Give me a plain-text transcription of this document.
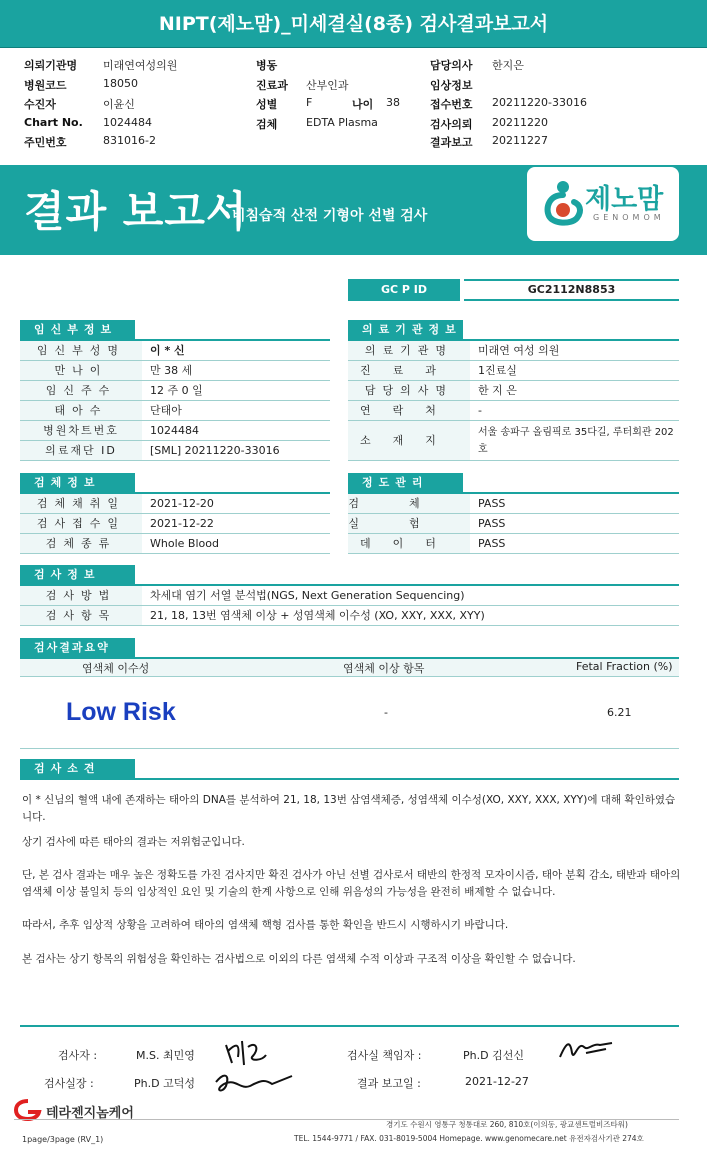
NIPT(제노맘)_미세결실(8종) 검사결과보고서
의뢰기관명 미래연여성의원
병원코드	18050
수진자	이윤신
Chart No. 1024484
주민번호	831016-2
병동
진료과 산부인과
성별	F	나이 38
검체	EDTA Plasma
담당의사 한지은
임상정보
접수번호 20211220-33016
검사의뢰 20211220
결과보고 20211227
결과 보고서
비침습적 산전 기형아 선별 검사
제노맘
GENOMOM
GC P ID	GC2112N8853
임신부정보
임신부성명	이 * 신
만나이	만 38 세
임신주수	12 주 0 일
태아수	단태아
병원차트번호	1024484
의료재단 ID	[SML] 20211220-33016
의료기관정보
의료기관명	미래연 여성 의원
진료과	1진료실
담당의사명	한 지 은
연락처	-
소재지
서울 송파구 올림픽로 35다길, 루터회관 202호
검체정보
검체채취일	2021-12-20
검사접수일	2021-12-22
검체종류	Whole Blood
정도관리
검체 PASS
실험 PASS
데이터	PASS
검사정보
검사방법	차세대 염기 서열 분석법(NGS, Next Generation Sequencing)
검사항목	21, 18, 13번 염색체 이상 + 성염색체 이수성 (XO, XXY, XXX, XYY)
검사결과요약
염색체 이수성	염색체 이상 항목	Fetal Fraction (%)
Low Risk	-	6.21
검사소견
이 * 신님의 혈액 내에 존재하는 태아의 DNA를 분석하여 21, 18, 13번 삼염색체증, 성염색체 이수성(XO, XXY, XXX, XYY)에 대해 확인하였습니다.
상기 검사에 따른 태아의 결과는 저위험군입니다.
단, 본 검사 결과는 매우 높은 정확도를 가진 검사지만 확진 검사가 아닌 선별 검사로서 태반의 한정적 모자이시즘, 태아 분획 감소, 태반과 태아의 염색체 이상 불일치 등의 임상적인 요인 및 기술의 한계 사항으로 인해 위음성의 가능성을 완전히 배제할 수 없습니다.
따라서, 추후 임상적 상황을 고려하여 태아의 염색체 핵형 검사를 통한 확인을 반드시 시행하시기 바랍니다.
본 검사는 상기 항목의 위험성을 확인하는 검사법으로 이외의 다른 염색체 수적 이상과 구조적 이상을 확인할 수 없습니다.
검사자 :	M.S. 최민영	검사실 책임자 :	Ph.D 김선신
검사실장 :	Ph.D 고덕성	결과 보고일 :	2021-12-27
테라젠지놈케어
경기도 수원시 영통구 청통대로 260, 810호(이의동, 광교센트럴비즈타워)
TEL. 1544-9771 / FAX. 031-8019-5004 Homepage. www.genomecare.net 유전자검사기관 274호
1page/3page (RV_1)
